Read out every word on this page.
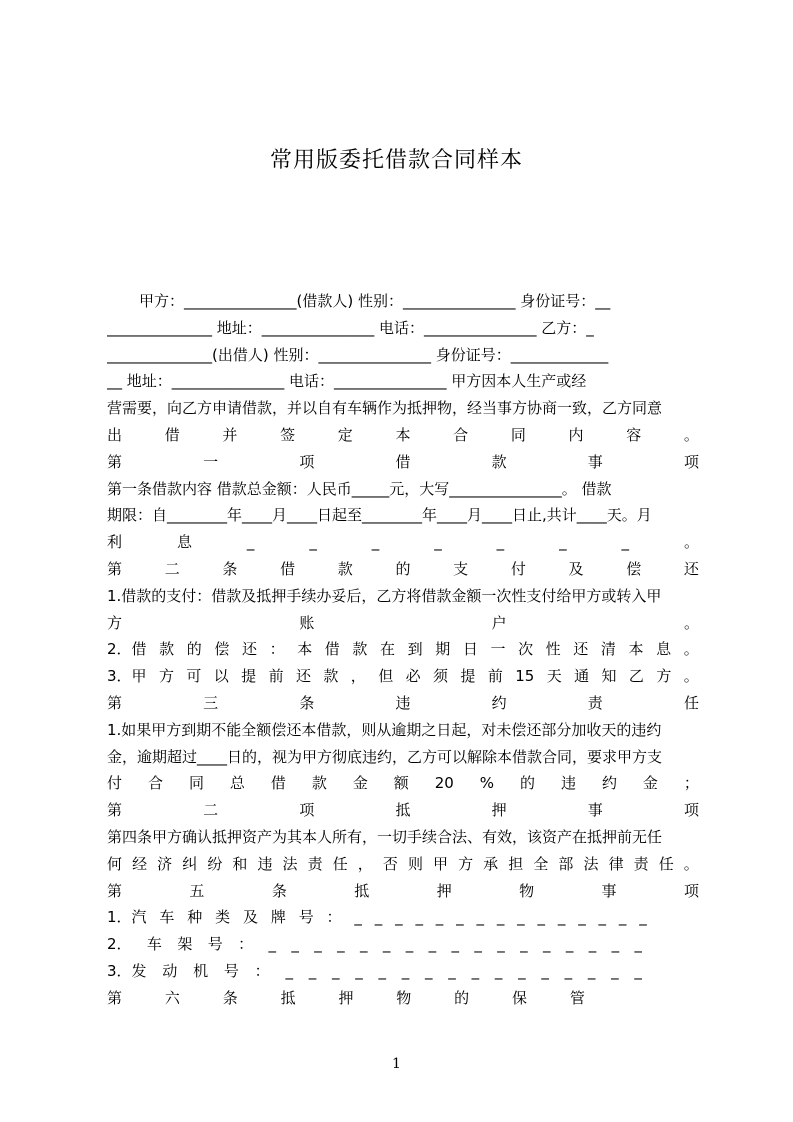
常用版委托借款合同样本
甲方：_______________(借款人) 性别：_______________ 身份证号：__
______________ 地址：_______________ 电话：_______________ 乙方：_
______________(出借人) 性别：_______________ 身份证号：_____________
__ 地址：_______________ 电话：_______________ 甲方因本人生产或经
营需要，向乙方申请借款，并以自有车辆作为抵押物，经当事方协商一致，乙方同意
出	借	并	签	定	本	合	同	内	容	。
第	一	项	借	款	事	项
第一条借款内容 借款总金额：人民币_____元，大写_______________。 借款
期限：自________年____月____日起至________年____月____日止,共计____天。月
利	息	_	_	_	_	_	_	_	。
第	二	条	借	款	的	支	付	及	偿	还
1.借款的支付：借款及抵押手续办妥后，乙方将借款金额一次性支付给甲方或转入甲
方	账	户	。
2．借 款 的 偿 还 ： 本 借 款 在 到 期 日 一 次 性 还 清 本 息 。
3．甲 方 可 以 提 前 还 款 ， 但 必 须 提 前 15 天 通 知 乙 方 。
第	三	条	违	约	责	任
1.如果甲方到期不能全额偿还本借款，则从逾期之日起，对未偿还部分加收天的违约
金，逾期超过____日的，视为甲方彻底违约，乙方可以解除本借款合同，要求甲方支
付 合 同 总 借 款 金 额 20 % 的 违 约 金 ；
第	二	项	抵	押	事	项
第四条甲方确认抵押资产为其本人所有，一切手续合法、有效，该资产在抵押前无任
何 经 济 纠 纷 和 违 法 责 任 ， 否 则 甲 方 承 担 全 部 法 律 责 任 。
第	五	条	抵	押	物	事	项
1．汽 车 种 类 及 牌 号 ： _ _ _ _ _ _ _ _ _ _ _ _ _ _ _
2． 车 架 号 ： _ _ _ _ _ _ _ _ _ _ _ _ _ _ _ _ _
3．发 动 机 号 ： _ _ _ _ _ _ _ _ _ _ _ _ _ _ _ _
第	六	条	抵	押	物	的	保	管
1
